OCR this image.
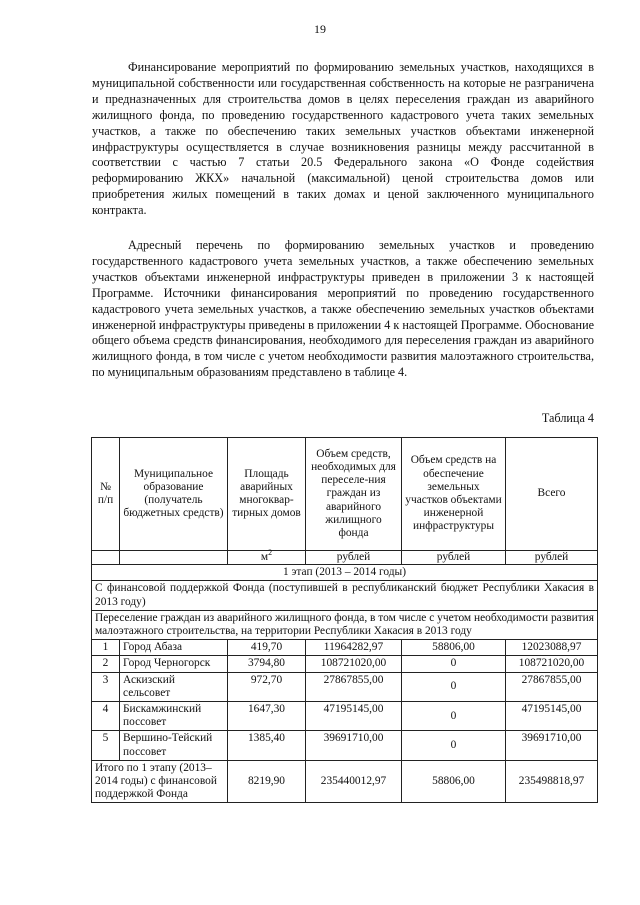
19

Финансирование мероприятий по формированию земельных участков, находящихся в муниципальной собственности или государственная собственность на которые не разграничена и предназначенных для строительства домов в целях переселения граждан из аварийного жилищного фонда, по проведению государственного кадастрового учета таких земельных участков, а также по обеспечению таких земельных участков объектами инженерной инфраструктуры осуществляется в случае возникновения разницы между рассчитанной в соответствии с частью 7 статьи 20.5 Федерального закона «О Фонде содействия реформированию ЖКХ» начальной (максимальной) ценой строительства домов или приобретения жилых помещений в таких домах и ценой заключенного муниципального контракта.

Адресный перечень по формированию земельных участков и проведению государственного кадастрового учета земельных участков, а также обеспечению земельных участков объектами инженерной инфраструктуры приведен в приложении 3 к настоящей Программе. Источники финансирования мероприятий по проведению государственного кадастрового учета земельных участков, а также обеспечению земельных участков объектами инженерной инфраструктуры приведены в приложении 4 к настоящей Программе. Обоснование общего объема средств финансирования, необходимого для переселения граждан из аварийного жилищного фонда, в том числе с учетом необходимости развития малоэтажного строительства, по муниципальным образованиям представлено в таблице 4.

Таблица 4
№ п/п	Муниципальное образование (получатель бюджетных средств)	Площадь аварийных многоквар-тирных домов	Объем средств, необходимых для переселе-ния граждан из аварийного жилищного фонда	Объем средств на обеспечение земельных участков объектами инженерной инфраструктуры	Всего
		$м^2$	рублей	рублей	рублей
1 этап (2013 – 2014 годы)					
С финансовой поддержкой Фонда (поступившей в республиканский бюджет Республики Хакасия в 2013 году)					
Переселение граждан из аварийного жилищного фонда, в том числе с учетом необходимости развития малоэтажного строительства, на территории Республики Хакасия в 2013 году					
1	Город Абаза	419,70	11964282,97	58806,00	12023088,97
2	Город Черногорск	3794,80	108721020,00	0	108721020,00
3	Аскизский сельсовет	972,70	27867855,00	0	27867855,00
4	Бискамжинский поссовет	1647,30	47195145,00	0	47195145,00
5	Вершино-Тейский поссовет	1385,40	39691710,00	0	39691710,00
Итого по 1 этапу (2013–2014 годы) с финансовой поддержкой Фонда		8219,90	235440012,97	58806,00	235498818,97
